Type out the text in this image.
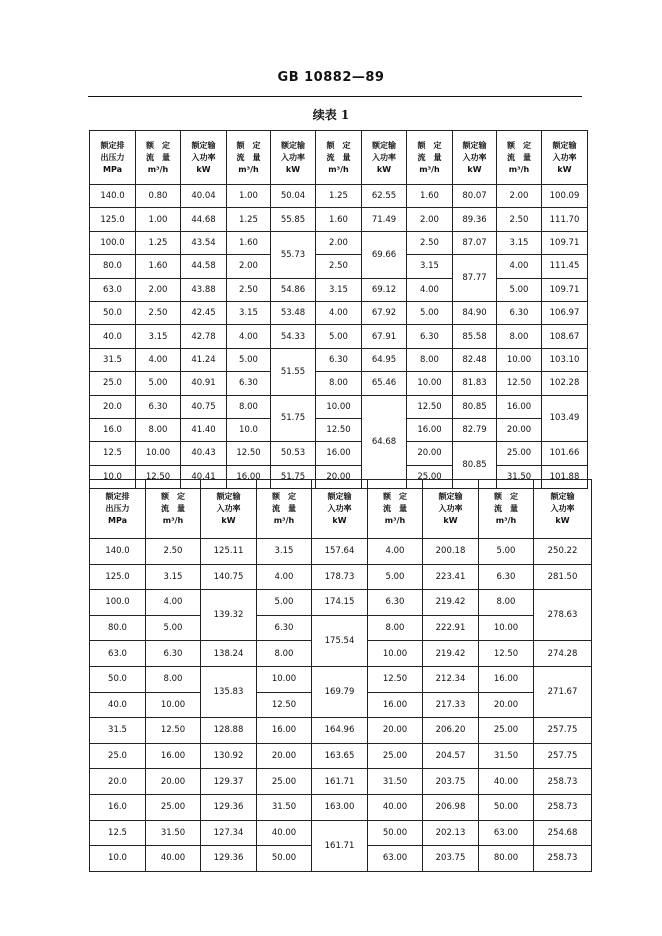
GB 10882—89
续表 1
额定排
出压力
MPa	额　定
流　量
m³/h	额定输
入功率
kW	额　定
流　量
m³/h	额定输
入功率
kW	额　定
流　量
m³/h	额定输
入功率
kW	额　定
流　量
m³/h	额定输
入功率
kW	额　定
流　量
m³/h	额定输
入功率
kW

140.0	0.80	40.04	1.00	50.04	1.25	62.55	1.60	80.07	2.00	100.09
125.0	1.00	44.68	1.25	55.85	1.60	71.49	2.00	89.36	2.50	111.70
100.0	1.25	43.54	1.60	55.73	2.00	69.66	2.50	87.07	3.15	109.71
80.0	1.60	44.58	2.00		2.50		3.15	87.77	4.00	111.45
63.0	2.00	43.88	2.50	54.86	3.15	69.12	4.00		5.00	109.71
50.0	2.50	42.45	3.15	53.48	4.00	67.92	5.00	84.90	6.30	106.97
40.0	3.15	42.78	4.00	54.33	5.00	67.91	6.30	85.58	8.00	108.67
31.5	4.00	41.24	5.00	51.55	6.30	64.95	8.00	82.48	10.00	103.10
25.0	5.00	40.91	6.30		8.00	65.46	10.00	81.83	12.50	102.28
20.0	6.30	40.75	8.00	51.75	10.00	64.68	12.50	80.85	16.00	103.49
16.0	8.00	41.40	10.0		12.50		16.00	82.79	20.00	
12.5	10.00	40.43	12.50	50.53	16.00		20.00	80.85	25.00	101.66
10.0	12.50	40.41	16.00	51.75	20.00		25.00		31.50	101.88
额定排
出压力
MPa	额　定
流　量
m³/h	额定输
入功率
kW	额　定
流　量
m³/h	额定输
入功率
kW	额　定
流　量
m³/h	额定输
入功率
kW	额　定
流　量
m³/h	额定输
入功率
kW

140.0	2.50	125.11	3.15	157.64	4.00	200.18	5.00	250.22
125.0	3.15	140.75	4.00	178.73	5.00	223.41	6.30	281.50
100.0	4.00	139.32	5.00	174.15	6.30	219.42	8.00	278.63
80.0	5.00		6.30	175.54	8.00	222.91	10.00	
63.0	6.30	138.24	8.00		10.00	219.42	12.50	274.28
50.0	8.00	135.83	10.00	169.79	12.50	212.34	16.00	271.67
40.0	10.00		12.50		16.00	217.33	20.00	
31.5	12.50	128.88	16.00	164.96	20.00	206.20	25.00	257.75
25.0	16.00	130.92	20.00	163.65	25.00	204.57	31.50	257.75
20.0	20.00	129.37	25.00	161.71	31.50	203.75	40.00	258.73
16.0	25.00	129.36	31.50	163.00	40.00	206.98	50.00	258.73
12.5	31.50	127.34	40.00	161.71	50.00	202.13	63.00	254.68
10.0	40.00	129.36	50.00		63.00	203.75	80.00	258.73
